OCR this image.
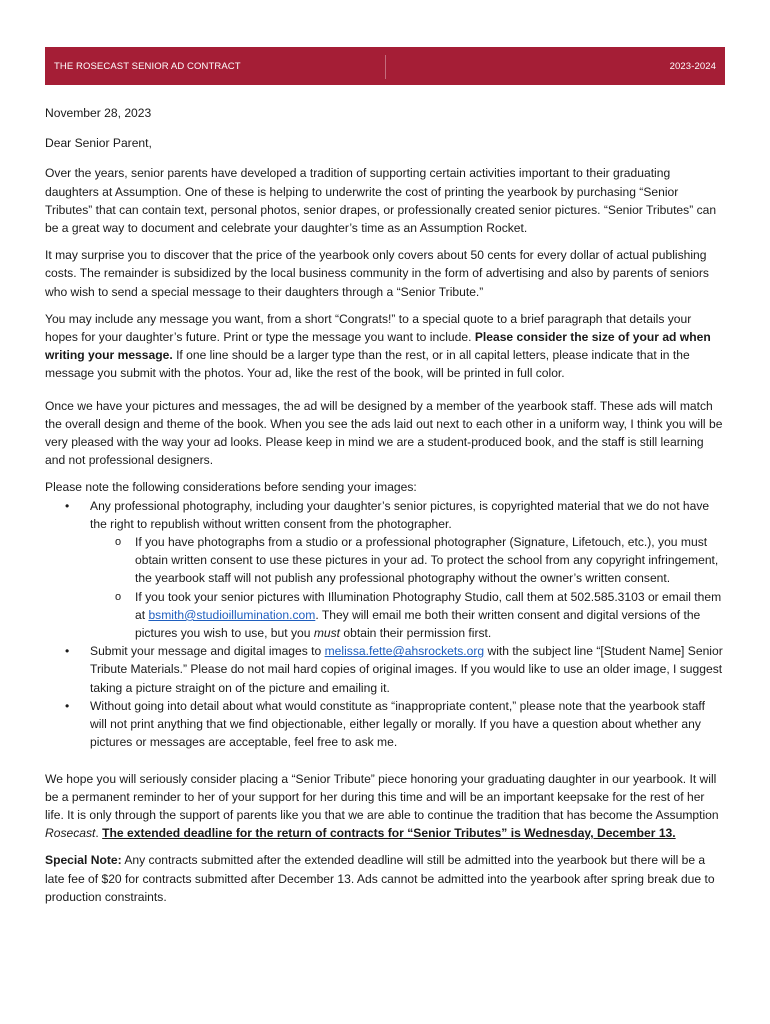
THE ROSECAST SENIOR AD CONTRACT	2023-2024

November 28, 2023

Dear Senior Parent,

Over the years, senior parents have developed a tradition of supporting certain activities important to their graduating daughters at Assumption. One of these is helping to underwrite the cost of printing the yearbook by purchasing “Senior Tributes” that can contain text, personal photos, senior drapes, or professionally created senior pictures. “Senior Tributes” can be a great way to document and celebrate your daughter’s time as an Assumption Rocket.

It may surprise you to discover that the price of the yearbook only covers about 50 cents for every dollar of actual publishing costs. The remainder is subsidized by the local business community in the form of advertising and also by parents of seniors who wish to send a special message to their daughters through a “Senior Tribute.”

You may include any message you want, from a short “Congrats!” to a special quote to a brief paragraph that details your hopes for your daughter’s future. Print or type the message you want to include. Please consider the size of your ad when writing your message. If one line should be a larger type than the rest, or in all capital letters, please indicate that in the message you submit with the photos. Your ad, like the rest of the book, will be printed in full color.

Once we have your pictures and messages, the ad will be designed by a member of the yearbook staff. These ads will match the overall design and theme of the book. When you see the ads laid out next to each other in a uniform way, I think you will be very pleased with the way your ad looks. Please keep in mind we are a student-produced book, and the staff is still learning and not professional designers.

Please note the following considerations before sending your images:

• Any professional photography, including your daughter’s senior pictures, is copyrighted material that we do not have the right to republish without written consent from the photographer.
o If you have photographs from a studio or a professional photographer (Signature, Lifetouch, etc.), you must obtain written consent to use these pictures in your ad. To protect the school from any copyright infringement, the yearbook staff will not publish any professional photography without the owner’s written consent.
o If you took your senior pictures with Illumination Photography Studio, call them at 502.585.3103 or email them at bsmith@studioillumination.com. They will email me both their written consent and digital versions of the pictures you wish to use, but you must obtain their permission first.
• Submit your message and digital images to melissa.fette@ahsrockets.org with the subject line “[Student Name] Senior Tribute Materials.” Please do not mail hard copies of original images. If you would like to use an older image, I suggest taking a picture straight on of the picture and emailing it.
• Without going into detail about what would constitute as “inappropriate content,” please note that the yearbook staff will not print anything that we find objectionable, either legally or morally. If you have a question about whether any pictures or messages are acceptable, feel free to ask me.

We hope you will seriously consider placing a “Senior Tribute” piece honoring your graduating daughter in our yearbook. It will be a permanent reminder to her of your support for her during this time and will be an important keepsake for the rest of her life. It is only through the support of parents like you that we are able to continue the tradition that has become the Assumption Rosecast. The extended deadline for the return of contracts for “Senior Tributes” is Wednesday, December 13.

Special Note: Any contracts submitted after the extended deadline will still be admitted into the yearbook but there will be a late fee of $20 for contracts submitted after December 13. Ads cannot be admitted into the yearbook after spring break due to production constraints.
